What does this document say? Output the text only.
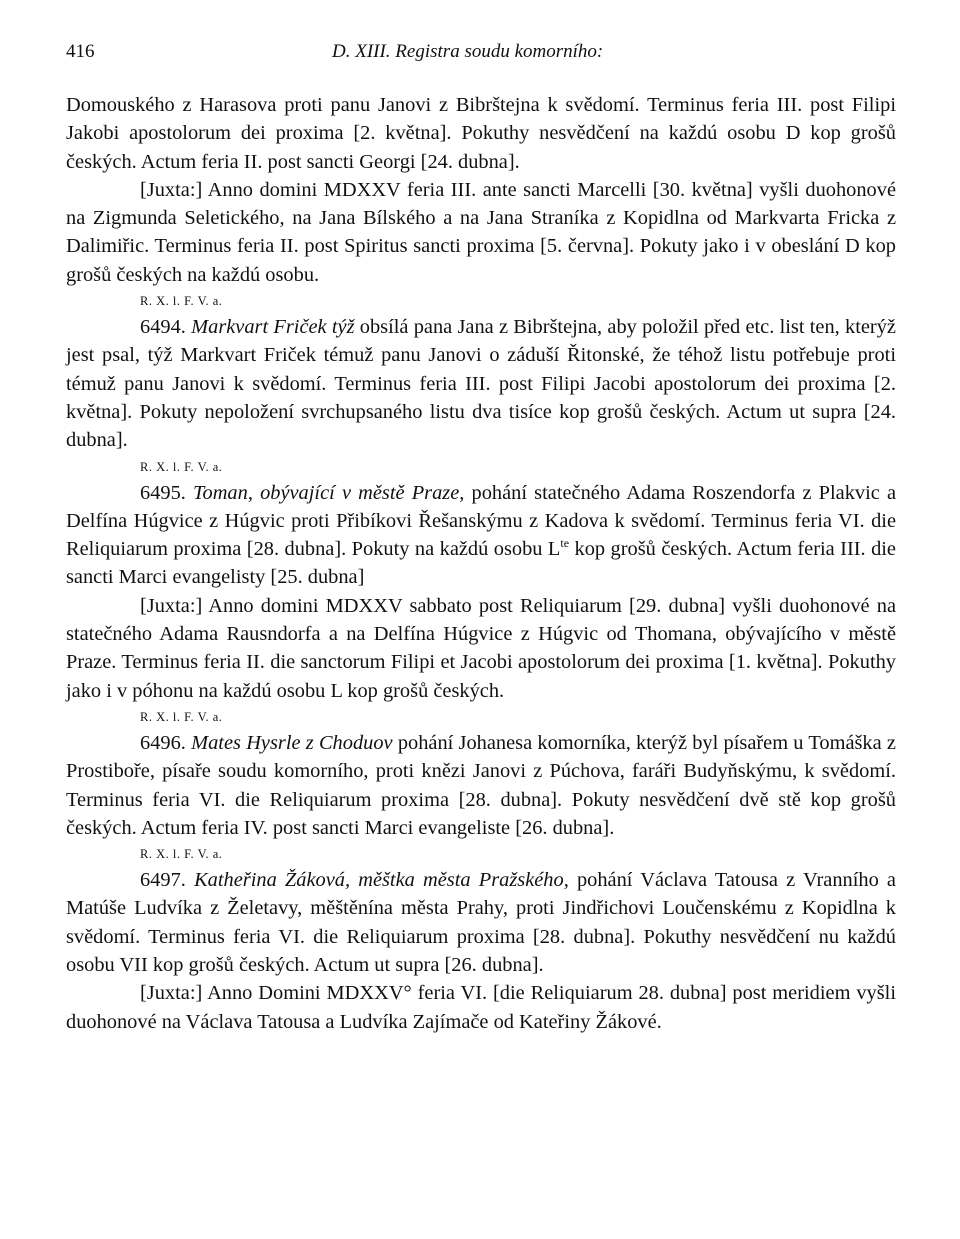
416	D. XIII. Registra soudu komorního:

Domouského z Harasova proti panu Janovi z Bibrštejna k svědomí. Terminus feria III. post Filipi Jakobi apostolorum dei proxima [2. května]. Pokuthy nesvědčení na každú osobu D kop grošů českých. Actum feria II. post sancti Georgi [24. dubna].

[Juxta:] Anno domini MDXXV feria III. ante sancti Marcelli [30. května] vyšli duohonové na Zigmunda Seletického, na Jana Bílského a na Jana Straníka z Kopidlna od Markvarta Fricka z Dalimiřic. Terminus feria II. post Spiritus sancti proxima [5. června]. Pokuty jako i v obeslání D kop grošů českých na každú osobu.

R. X. l. F. V. a.

6494. Markvart Friček týž obsílá pana Jana z Bibrštejna, aby položil před etc. list ten, kterýž jest psal, týž Markvart Friček témuž panu Janovi o záduší Řitonské, že téhož listu potřebuje proti témuž panu Janovi k svědomí. Terminus feria III. post Filipi Jacobi apostolorum dei proxima [2. května]. Pokuty nepoložení svrchupsaného listu dva tisíce kop grošů českých. Actum ut supra [24. dubna].

R. X. l. F. V. a.

6495. Toman, obývající v městě Praze, pohání statečného Adama Roszendorfa z Plakvic a Delfína Húgvice z Húgvic proti Přibíkovi Řešanskýmu z Kadova k svědomí. Terminus feria VI. die Reliquiarum proxima [28. dubna]. Pokuty na každú osobu $L^{te}$ kop grošů českých. Actum feria III. die sancti Marci evangelisty [25. dubna]

[Juxta:] Anno domini MDXXV sabbato post Reliquiarum [29. dubna] vyšli duohonové na statečného Adama Rausndorfa a na Delfína Húgvice z Húgvic od Thomana, obývajícího v městě Praze. Terminus feria II. die sanctorum Filipi et Jacobi apostolorum dei proxima [1. května]. Pokuthy jako i v póhonu na každú osobu L kop grošů českých.

R. X. l. F. V. a.

6496. Mates Hysrle z Choduov pohání Johanesa komorníka, kterýž byl písařem u Tomáška z Prostiboře, písaře soudu komorního, proti knězi Janovi z Púchova, faráři Budyňskýmu, k svědomí. Terminus feria VI. die Reliquiarum proxima [28. dubna]. Pokuty nesvědčení dvě stě kop grošů českých. Actum feria IV. post sancti Marci evangeliste [26. dubna].

R. X. l. F. V. a.

6497. Katheřina Žáková, měštka města Pražského, pohání Václava Tatousa z Vranního a Matúše Ludvíka z Želetavy, měštěnína města Prahy, proti Jindřichovi Loučenskému z Kopidlna k svědomí. Terminus feria VI. die Reliquiarum proxima [28. dubna]. Pokuthy nesvědčení nu každú osobu VII kop grošů českých. Actum ut supra [26. dubna].

[Juxta:] Anno Domini MDXXV° feria VI. [die Reliquiarum 28. dubna] post meridiem vyšli duohonové na Václava Tatousa a Ludvíka Zajímače od Kateřiny Žákové.
